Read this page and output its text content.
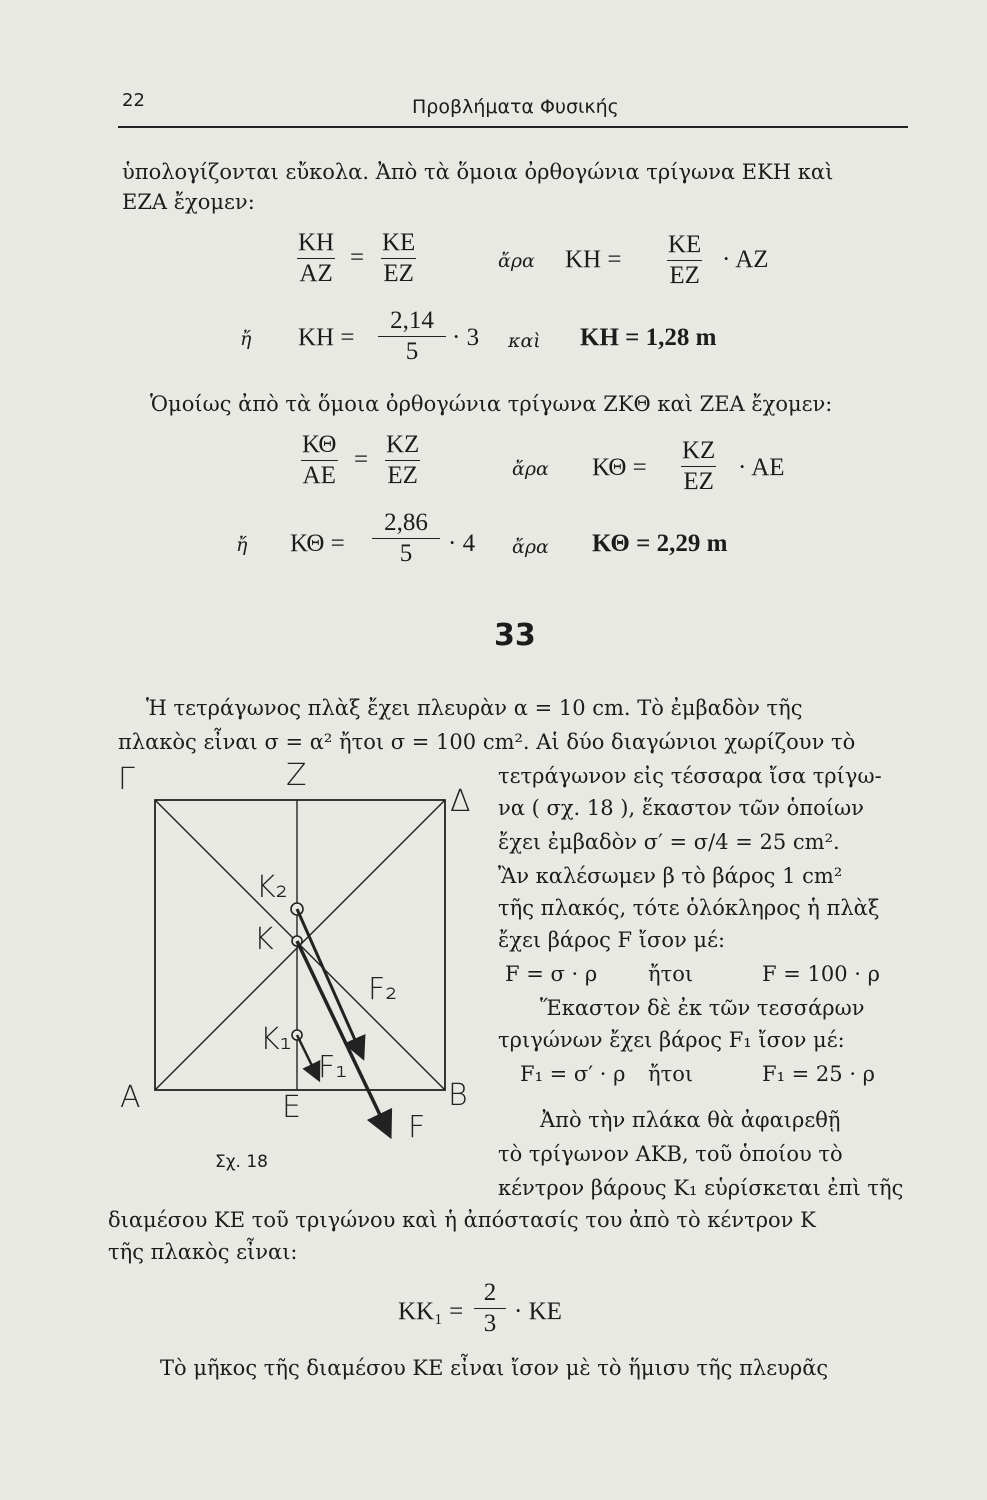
22	Προβλήματα Φυσικής
ὑπολογίζονται εὔκολα. Ἀπὸ τὰ ὅμοια ὀρθογώνια τρίγωνα ΕΚΗ καὶ
ΕΖΑ ἔχομεν:
$\frac{KH}{AZ} = \frac{KE}{EZ}$	ἄρα $KH = \frac{KE}{EZ} \cdot AZ$
ἤ $KH = \frac{2,14}{5} \cdot 3$ καὶ ΚΗ = 1,28 m
Ὁμοίως ἀπὸ τὰ ὅμοια ὀρθογώνια τρίγωνα ΖΚΘ καὶ ΖΕΑ ἔχομεν:
$\frac{K\Theta}{AE} = \frac{KZ}{EZ}$	ἄρα $K\Theta = \frac{KZ}{EZ} \cdot AE$
ἤ $K\Theta = \frac{2,86}{5} \cdot 4$ ἄρα ΚΘ = 2,29 m
33
Ἡ τετράγωνος πλὰξ ἔχει πλευρὰν α = 10 cm. Τὸ ἐμβαδὸν τῆς
πλακὸς εἶναι σ = α² ἤτοι σ = 100 cm². Αἱ δύο διαγώνιοι χωρίζουν τὸ
τετράγωνον εἰς τέσσαρα ἴσα τρίγω-
να ( σχ. 18 ), ἕκαστον τῶν ὁποίων
ἔχει ἐμβαδὸν σ′ = σ/4 = 25 cm².
Ἂν καλέσωμεν β τὸ βάρος 1 cm²
τῆς πλακός, τότε ὁλόκληρος ἡ πλὰξ
ἔχει βάρος F ἴσον μέ:
F = σ · ρ ἤτοι	F = 100 · ρ
Ἕκαστον δὲ ἐκ τῶν τεσσάρων
τριγώνων ἔχει βάρος F₁ ἴσον μέ:
F₁ = σ′ · ρ ἤτοι	F₁ = 25 · ρ
Ἀπὸ τὴν πλάκα θὰ ἀφαιρεθῇ
τὸ τρίγωνον ΑΚΒ, τοῦ ὁποίου τὸ
κέντρον βάρους Κ₁ εὑρίσκεται ἐπὶ τῆς
Γ	Ζ
Δ
Α	Ε	Β
Κ₂
Κ
Κ₁
F₂
F₁
F
Σχ. 18
διαμέσου ΚΕ τοῦ τριγώνου καὶ ἡ ἀπόστασίς του ἀπὸ τὸ κέντρον Κ
τῆς πλακὸς εἶναι:
$KK_1 = \frac{2}{3} \cdot KE$
Τὸ μῆκος τῆς διαμέσου ΚΕ εἶναι ἴσον μὲ τὸ ἥμισυ τῆς πλευρᾶς
